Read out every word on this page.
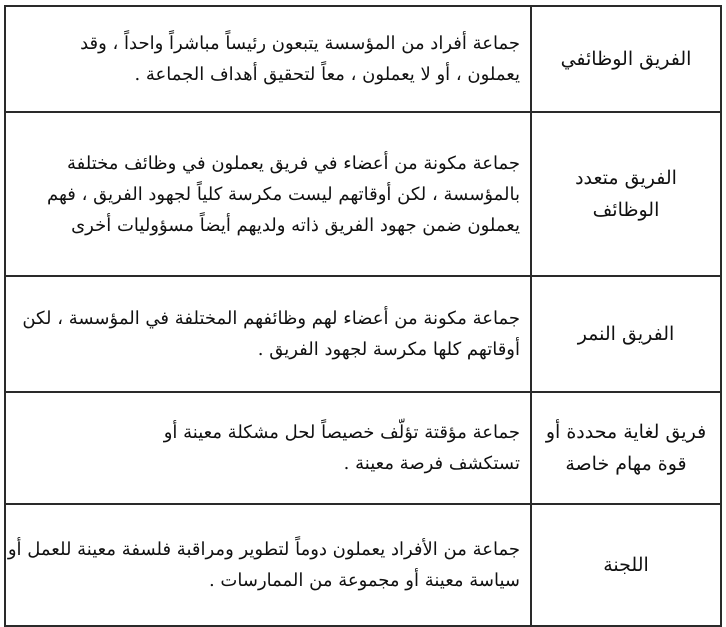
الفريق الوظائفي	جماعة أفراد من المؤسسة يتبعون رئيساً مباشراً واحداً ، وقد
يعملون ، أو لا يعملون ، معاً لتحقيق أهداف الجماعة .

الفريق متعدد
الوظائف	جماعة مكونة من أعضاء في فريق يعملون في وظائف مختلفة
بالمؤسسة ، لكن أوقاتهم ليست مكرسة كلياً لجهود الفريق ، فهم
يعملون ضمن جهود الفريق ذاته ولديهم أيضاً مسؤوليات أخرى

الفريق النمر	جماعة مكونة من أعضاء لهم وظائفهم المختلفة في المؤسسة ، لكن
أوقاتهم كلها مكرسة لجهود الفريق .

فريق لغاية محددة أو
قوة مهام خاصة	جماعة مؤقتة تؤلّف خصيصاً لحل مشكلة معينة أو
تستكشف فرصة معينة .

اللجنة	جماعة من الأفراد يعملون دوماً لتطوير ومراقبة فلسفة معينة للعمل أو
سياسة معينة أو مجموعة من الممارسات .
